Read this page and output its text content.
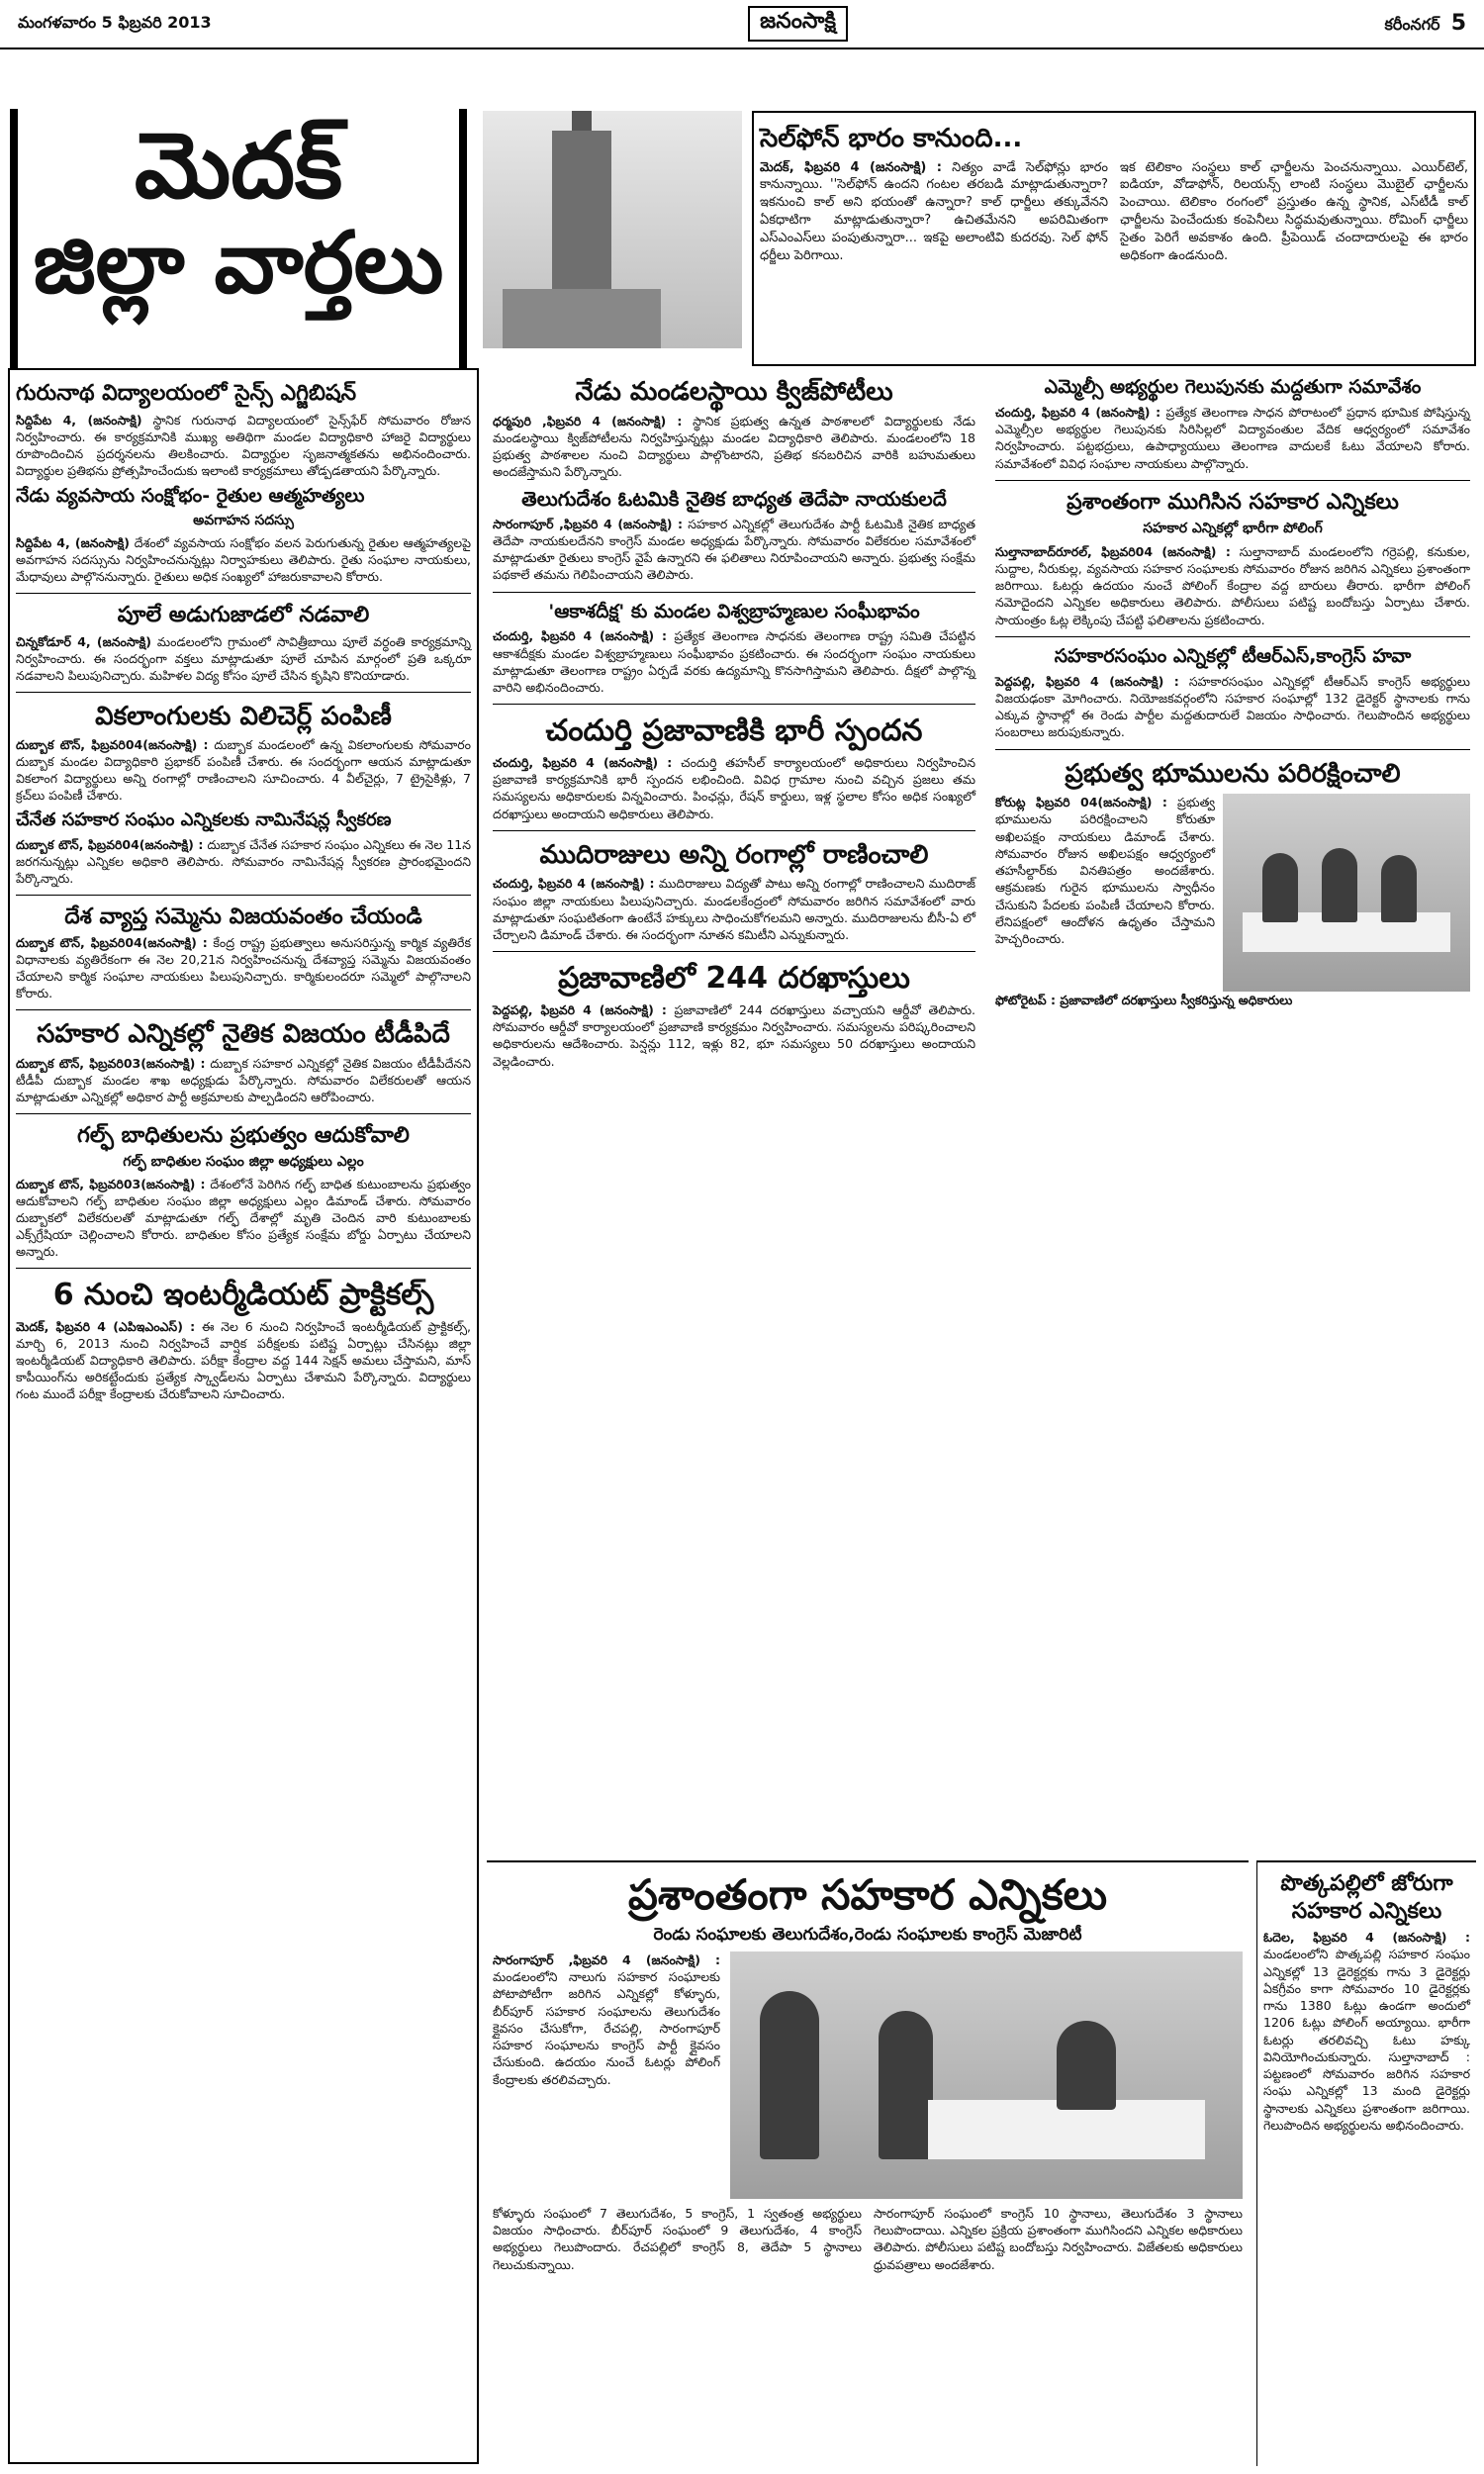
మంగళవారం 5 ఫిబ్రవరి 2013	జనంసాక్షి	కరీంనగర్ 5
మెదక్
జిల్లా వార్తలు
సెల్‌ఫోన్ భారం కానుంది...

మెదక్‌, ఫిబ్రవరి 4 (జనంసాక్షి) : నిత్యం వాడే సెల్‌ఫోన్లు భారం కానున్నాయి. ''సెల్‌ఫోన్‌ ఉందని గంటల తరబడి మాట్లాడుతున్నారా? ఇకనుంచి కాల్‌ అని భయంతో ఉన్నారా? కాల్‌ ధార్జీలు తక్కువేనని ఏకధాటిగా మాట్లాడుతున్నారా? ఉచితమేనని అపరిమితంగా ఎస్‌ఎంఎస్‌లు పంపుతున్నారా... ఇకపై అలాంటివి కుదరవు. సెల్ ఫోన్ ధర్జీలు పెరిగాయి.

ఇక టెలికాం సంస్థలు కాల్‌ ఛార్జీలను పెంచనున్నాయి. ఎయిర్‌టెల్‌, ఐడియా, వోడాఫోన్‌, రిలయన్స్‌ లాంటి సంస్థలు మొబైల్‌ ఛార్జీలను పెంచాయి. టెలికాం రంగంలో ప్రస్తుతం ఉన్న స్థానిక, ఎస్‌టీడీ కాల్‌ ఛార్జీలను పెంచేందుకు కంపెనీలు సిద్ధమవుతున్నాయి. రోమింగ్‌ ఛార్జీలు సైతం పెరిగే అవకాశం ఉంది. ప్రీపెయిడ్‌ చందాదారులపై ఈ భారం అధికంగా ఉండనుంది.

గురునాథ విద్యాలయంలో సైన్స్ ఎగ్జిబిషన్‌

సిద్దిపేట 4, (జనంసాక్షి) స్థానిక గురునాథ విద్యాలయంలో సైన్స్‌ఫేర్‌ సోమవారం రోజున నిర్వహించారు. ఈ కార్యక్రమానికి ముఖ్య అతిథిగా మండల విద్యాధికారి హాజరై విద్యార్థులు రూపొందించిన ప్రదర్శనలను తిలకించారు. విద్యార్థుల సృజనాత్మకతను అభినందించారు. విద్యార్థుల ప్రతిభను ప్రోత్సహించేందుకు ఇలాంటి కార్యక్రమాలు తోడ్పడతాయని పేర్కొన్నారు.

నేడు వ్యవసాయ సంక్షోభం- రైతుల ఆత్మహత్యలు
అవగాహన సదస్సు

సిద్దిపేట 4, (జనంసాక్షి) దేశంలో వ్యవసాయ సంక్షోభం వలన పెరుగుతున్న రైతుల ఆత్మహత్యలపై అవగాహన సదస్సును నిర్వహించనున్నట్లు నిర్వాహకులు తెలిపారు. రైతు సంఘాల నాయకులు, మేధావులు పాల్గొననున్నారు. రైతులు అధిక సంఖ్యలో హాజరుకావాలని కోరారు.

పూలే అడుగుజాడలో నడవాలి

చిన్నకోడూర్‌ 4, (జనంసాక్షి) మండలంలోని గ్రామంలో సావిత్రీబాయి పూలే వర్ధంతి కార్యక్రమాన్ని నిర్వహించారు. ఈ సందర్భంగా వక్తలు మాట్లాడుతూ పూలే చూపిన మార్గంలో ప్రతి ఒక్కరూ నడవాలని పిలుపునిచ్చారు. మహిళల విద్య కోసం పూలే చేసిన కృషిని కొనియాడారు.

వికలాంగులకు విలిచెర్ల్ పంపిణీ

దుబ్బాక టౌన్‌, ఫిబ్రవరి04(జనంసాక్షి) : దుబ్బాక మండలంలో ఉన్న వికలాంగులకు సోమవారం దుబ్బాక మండల విద్యాధికారి ప్రభాకర్‌ పంపిణీ చేశారు. ఈ సందర్భంగా ఆయన మాట్లాడుతూ వికలాంగ విద్యార్థులు అన్ని రంగాల్లో రాణించాలని సూచించారు. 4 వీల్‌చైర్లు, 7 ట్రైసైకిళ్లు, 7 క్రచ్‌లు పంపిణీ చేశారు.

చేనేత సహకార సంఘం ఎన్నికలకు నామినేషన్ల స్వీకరణ

దుబ్బాక టౌన్‌, ఫిబ్రవరి04(జనంసాక్షి) : దుబ్బాక చేనేత సహకార సంఘం ఎన్నికలు ఈ నెల 11న జరగనున్నట్లు ఎన్నికల అధికారి తెలిపారు. సోమవారం నామినేషన్ల స్వీకరణ ప్రారంభమైందని పేర్కొన్నారు.

దేశ వ్యాప్త సమ్మెను విజయవంతం చేయండి

దుబ్బాక టౌన్‌, ఫిబ్రవరి04(జనంసాక్షి) : కేంద్ర రాష్ట్ర ప్రభుత్వాలు అనుసరిస్తున్న కార్మిక వ్యతిరేక విధానాలకు వ్యతిరేకంగా ఈ నెల 20,21న నిర్వహించనున్న దేశవ్యాప్త సమ్మెను విజయవంతం చేయాలని కార్మిక సంఘాల నాయకులు పిలుపునిచ్చారు. కార్మికులందరూ సమ్మెలో పాల్గొనాలని కోరారు.

సహకార ఎన్నికల్లో నైతిక విజయం టీడీపిదే

దుబ్బాక టౌన్‌, ఫిబ్రవరి03(జనంసాక్షి) : దుబ్బాక సహకార ఎన్నికల్లో నైతిక విజయం టీడీపీదేనని టీడీపీ దుబ్బాక మండల శాఖ అధ్యక్షుడు పేర్కొన్నారు. సోమవారం విలేకరులతో ఆయన మాట్లాడుతూ ఎన్నికల్లో అధికార పార్టీ అక్రమాలకు పాల్పడిందని ఆరోపించారు.

గల్ఫ్ బాధితులను ప్రభుత్వం ఆదుకోవాలి
గల్ఫ్ బాధితుల సంఘం జిల్లా అధ్యక్షులు ఎల్లం

దుబ్బాక టౌన్‌, ఫిబ్రవరి03(జనంసాక్షి) : దేశంలోనే పెరిగిన గల్ఫ్‌ బాధిత కుటుంబాలను ప్రభుత్వం ఆదుకోవాలని గల్ఫ్‌ బాధితుల సంఘం జిల్లా అధ్యక్షులు ఎల్లం డిమాండ్‌ చేశారు. సోమవారం దుబ్బాకలో విలేకరులతో మాట్లాడుతూ గల్ఫ్‌ దేశాల్లో మృతి చెందిన వారి కుటుంబాలకు ఎక్స్‌గ్రేషియా చెల్లించాలని కోరారు. బాధితుల కోసం ప్రత్యేక సంక్షేమ బోర్డు ఏర్పాటు చేయాలని అన్నారు.

6 నుంచి ఇంటర్మీడియట్ ప్రాక్టికల్స్

మెదక్‌, ఫిబ్రవరి 4 (ఎపిఇఎంఎస్‌) : ఈ నెల 6 నుంచి నిర్వహించే ఇంటర్మీడియట్‌ ప్రాక్టికల్స్‌, మార్చి 6, 2013 నుంచి నిర్వహించే వార్షిక పరీక్షలకు పటిష్ట ఏర్పాట్లు చేసినట్లు జిల్లా ఇంటర్మీడియట్‌ విద్యాధికారి తెలిపారు. పరీక్షా కేంద్రాల వద్ద 144 సెక్షన్‌ అమలు చేస్తామని, మాస్‌ కాపీయింగ్‌ను అరికట్టేందుకు ప్రత్యేక స్క్వాడ్‌లను ఏర్పాటు చేశామని పేర్కొన్నారు. విద్యార్థులు గంట ముందే పరీక్షా కేంద్రాలకు చేరుకోవాలని సూచించారు.

నేడు మండలస్థాయి క్విజ్‌పోటీలు

ధర్మపురి ,ఫిబ్రవరి 4 (జనంసాక్షి) : స్థానిక ప్రభుత్వ ఉన్నత పాఠశాలలో విద్యార్థులకు నేడు మండలస్థాయి క్విజ్‌పోటీలను నిర్వహిస్తున్నట్లు మండల విద్యాధికారి తెలిపారు. మండలంలోని 18 ప్రభుత్వ పాఠశాలల నుంచి విద్యార్థులు పాల్గొంటారని, ప్రతిభ కనబరిచిన వారికి బహుమతులు అందజేస్తామని పేర్కొన్నారు.

తెలుగుదేశం ఓటమికి నైతిక బాధ్యత తెదేపా నాయకులదే

సారంగాపూర్‌ ,ఫిబ్రవరి 4 (జనంసాక్షి) : సహకార ఎన్నికల్లో తెలుగుదేశం పార్టీ ఓటమికి నైతిక బాధ్యత తెదేపా నాయకులదేనని కాంగ్రెస్‌ మండల అధ్యక్షుడు పేర్కొన్నారు. సోమవారం విలేకరుల సమావేశంలో మాట్లాడుతూ రైతులు కాంగ్రెస్‌ వైపే ఉన్నారని ఈ ఫలితాలు నిరూపించాయని అన్నారు. ప్రభుత్వ సంక్షేమ పథకాలే తమను గెలిపించాయని తెలిపారు.

'ఆకాశదీక్ష' కు మండల విశ్వబ్రాహ్మణుల సంఘీభావం

చందుర్తి, ఫిబ్రవరి 4 (జనంసాక్షి) : ప్రత్యేక తెలంగాణ సాధనకు తెలంగాణ రాష్ట్ర సమితి చేపట్టిన ఆకాశదీక్షకు మండల విశ్వబ్రాహ్మణులు సంఘీభావం ప్రకటించారు. ఈ సందర్భంగా సంఘం నాయకులు మాట్లాడుతూ తెలంగాణ రాష్ట్రం ఏర్పడే వరకు ఉద్యమాన్ని కొనసాగిస్తామని తెలిపారు. దీక్షలో పాల్గొన్న వారిని అభినందించారు.

చందుర్తి ప్రజావాణికి భారీ స్పందన

చందుర్తి, ఫిబ్రవరి 4 (జనంసాక్షి) : చందుర్తి తహసీల్‌ కార్యాలయంలో అధికారులు నిర్వహించిన ప్రజావాణి కార్యక్రమానికి భారీ స్పందన లభించింది. వివిధ గ్రామాల నుంచి వచ్చిన ప్రజలు తమ సమస్యలను అధికారులకు విన్నవించారు. పింఛన్లు, రేషన్‌ కార్డులు, ఇళ్ల స్థలాల కోసం అధిక సంఖ్యలో దరఖాస్తులు అందాయని అధికారులు తెలిపారు.

ముదిరాజులు అన్ని రంగాల్లో రాణించాలి

చందుర్తి, ఫిబ్రవరి 4 (జనంసాక్షి) : ముదిరాజులు విద్యతో పాటు అన్ని రంగాల్లో రాణించాలని ముదిరాజ్‌ సంఘం జిల్లా నాయకులు పిలుపునిచ్చారు. మండలకేంద్రంలో సోమవారం జరిగిన సమావేశంలో వారు మాట్లాడుతూ సంఘటితంగా ఉంటేనే హక్కులు సాధించుకోగలమని అన్నారు. ముదిరాజులను బీసీ-ఏ లో చేర్చాలని డిమాండ్‌ చేశారు. ఈ సందర్భంగా నూతన కమిటీని ఎన్నుకున్నారు.

ప్రజావాణిలో 244 దరఖాస్తులు

పెద్దపల్లి, ఫిబ్రవరి 4 (జనంసాక్షి) : ప్రజావాణిలో 244 దరఖాస్తులు వచ్చాయని ఆర్డీవో తెలిపారు. సోమవారం ఆర్డీవో కార్యాలయంలో ప్రజావాణి కార్యక్రమం నిర్వహించారు. సమస్యలను పరిష్కరించాలని అధికారులను ఆదేశించారు. పెన్షన్లు 112, ఇళ్లు 82, భూ సమస్యలు 50 దరఖాస్తులు అందాయని వెల్లడించారు.

ఎమ్మెల్సీ అభ్యర్థుల గెలుపునకు మద్దతుగా సమావేశం

చందుర్తి, ఫిబ్రవరి 4 (జనంసాక్షి) : ప్రత్యేక తెలంగాణ సాధన పోరాటంలో ప్రధాన భూమిక పోషిస్తున్న ఎమ్మెల్సీల అభ్యర్థుల గెలుపునకు సిరిసిల్లలో విద్యావంతుల వేదిక ఆధ్వర్యంలో సమావేశం నిర్వహించారు. పట్టభద్రులు, ఉపాధ్యాయులు తెలంగాణ వాదులకే ఓటు వేయాలని కోరారు. సమావేశంలో వివిధ సంఘాల నాయకులు పాల్గొన్నారు.

ప్రశాంతంగా ముగిసిన సహకార ఎన్నికలు
సహకార ఎన్నికల్లో భారీగా పోలింగ్

సుల్తానాబాద్‌రూరల్‌, ఫిబ్రవరి04 (జనంసాక్షి) : సుల్తానాబాద్‌ మండలంలోని గర్రెపల్లి, కనుకుల, సుద్దాల, నీరుకుల్ల, వ్యవసాయ సహకార సంఘాలకు సోమవారం రోజున జరిగిన ఎన్నికలు ప్రశాంతంగా జరిగాయి. ఓటర్లు ఉదయం నుంచే పోలింగ్‌ కేంద్రాల వద్ద బారులు తీరారు. భారీగా పోలింగ్‌ నమోదైందని ఎన్నికల అధికారులు తెలిపారు. పోలీసులు పటిష్ట బందోబస్తు ఏర్పాటు చేశారు. సాయంత్రం ఓట్ల లెక్కింపు చేపట్టి ఫలితాలను ప్రకటించారు.

సహకారసంఘం ఎన్నికల్లో టీఆర్ఎస్,కాంగ్రెస్ హవా

పెద్దపల్లి, ఫిబ్రవరి 4 (జనంసాక్షి) : సహకారసంఘం ఎన్నికల్లో టీఆర్‌ఎస్‌ కాంగ్రెస్‌ అభ్యర్థులు విజయఢంకా మోగించారు. నియోజకవర్గంలోని సహకార సంఘాల్లో 132 డైరెక్టర్‌ స్థానాలకు గాను ఎక్కువ స్థానాల్లో ఈ రెండు పార్టీల మద్దతుదారులే విజయం సాధించారు. గెలుపొందిన అభ్యర్థులు సంబరాలు జరుపుకున్నారు.

ప్రభుత్వ భూములను పరిరక్షించాలి

కోరుట్ల ఫిబ్రవరి 04(జనంసాక్షి) : ప్రభుత్వ భూములను పరిరక్షించాలని కోరుతూ అఖిలపక్షం నాయకులు డిమాండ్‌ చేశారు. సోమవారం రోజున అఖిలపక్షం ఆధ్వర్యంలో తహసీల్దార్‌కు వినతిపత్రం అందజేశారు. ఆక్రమణకు గురైన భూములను స్వాధీనం చేసుకుని పేదలకు పంపిణీ చేయాలని కోరారు. లేనిపక్షంలో ఆందోళన ఉధృతం చేస్తామని హెచ్చరించారు.

ఫోటోరైటప్‌ : ప్రజావాణిలో దరఖాస్తులు స్వీకరిస్తున్న అధికారులు

ప్రశాంతంగా సహకార ఎన్నికలు
రెండు సంఘాలకు తెలుగుదేశం,రెండు సంఘాలకు కాంగ్రెస్ మెజారిటీ

సారంగాపూర్‌ ,ఫిబ్రవరి 4 (జనంసాక్షి) : మండలంలోని నాలుగు సహకార సంఘాలకు పోటాపోటీగా జరిగిన ఎన్నికల్లో కోళ్ళూరు, బీర్‌పూర్‌ సహకార సంఘాలను తెలుగుదేశం క్లైవసం చేసుకోగా, రేచపల్లి, సారంగాపూర్‌ సహకార సంఘాలను కాంగ్రెస్‌ పార్టీ క్లైవసం చేసుకుంది. ఉదయం నుంచే ఓటర్లు పోలింగ్‌ కేంద్రాలకు తరలివచ్చారు.

కోళ్ళూరు సంఘంలో 7 తెలుగుదేశం, 5 కాంగ్రెస్‌, 1 స్వతంత్ర అభ్యర్థులు విజయం సాధించారు. బీర్‌పూర్‌ సంఘంలో 9 తెలుగుదేశం, 4 కాంగ్రెస్‌ అభ్యర్థులు గెలుపొందారు. రేచపల్లిలో కాంగ్రెస్‌ 8, తెదేపా 5 స్థానాలు గెలుచుకున్నాయి.

సారంగాపూర్‌ సంఘంలో కాంగ్రెస్‌ 10 స్థానాలు, తెలుగుదేశం 3 స్థానాలు గెలుపొందాయి. ఎన్నికల ప్రక్రియ ప్రశాంతంగా ముగిసిందని ఎన్నికల అధికారులు తెలిపారు. పోలీసులు పటిష్ట బందోబస్తు నిర్వహించారు. విజేతలకు అధికారులు ధ్రువపత్రాలు అందజేశారు.

పొత్కపల్లిలో జోరుగా సహకార ఎన్నికలు

ఓదెల, ఫిబ్రవరి 4 (జనంసాక్షి) : మండలంలోని పొత్కపల్లి సహకార సంఘం ఎన్నికల్లో 13 డైరెక్టర్లకు గాను 3 డైరెక్టర్లు ఏకగ్రీవం కాగా సోమవారం 10 డైరెక్టర్లకు గాను 1380 ఓట్లు ఉండగా అందులో 1206 ఓట్లు పోలింగ్‌ అయ్యాయి. భారీగా ఓటర్లు తరలివచ్చి ఓటు హక్కు వినియోగించుకున్నారు. సుల్తానాబాద్‌ : పట్టణంలో సోమవారం జరిగిన సహకార సంఘ ఎన్నికల్లో 13 మంది డైరెక్టర్లు స్థానాలకు ఎన్నికలు ప్రశాంతంగా జరిగాయి. గెలుపొందిన అభ్యర్థులను అభినందించారు.
